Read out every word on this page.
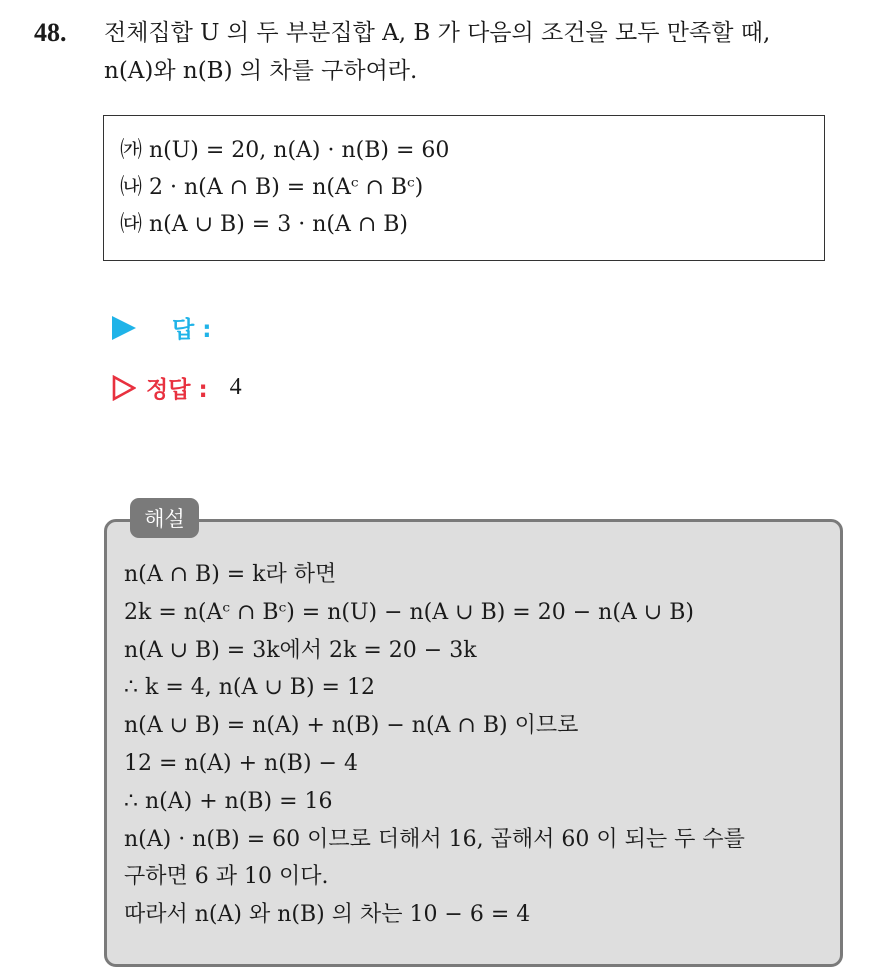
48. 전체집합 U 의 두 부분집합 A, B 가 다음의 조건을 모두 만족할 때,
n(A)와 n(B) 의 차를 구하여라.
㈎ n(U) = 20, n(A) · n(B) = 60
㈏ 2 · n(A ∩ B) = n(Aᶜ ∩ Bᶜ)
㈐ n(A ∪ B) = 3 · n(A ∩ B)
답 :
정답 : 4
해설
n(A ∩ B) = k라 하면
2k = n(Aᶜ ∩ Bᶜ) = n(U) − n(A ∪ B) = 20 − n(A ∪ B)
n(A ∪ B) = 3k에서 2k = 20 − 3k
∴ k = 4, n(A ∪ B) = 12
n(A ∪ B) = n(A) + n(B) − n(A ∩ B) 이므로
12 = n(A) + n(B) − 4
∴ n(A) + n(B) = 16
n(A) · n(B) = 60 이므로 더해서 16, 곱해서 60 이 되는 두 수를
구하면 6 과 10 이다.
따라서 n(A) 와 n(B) 의 차는 10 − 6 = 4
